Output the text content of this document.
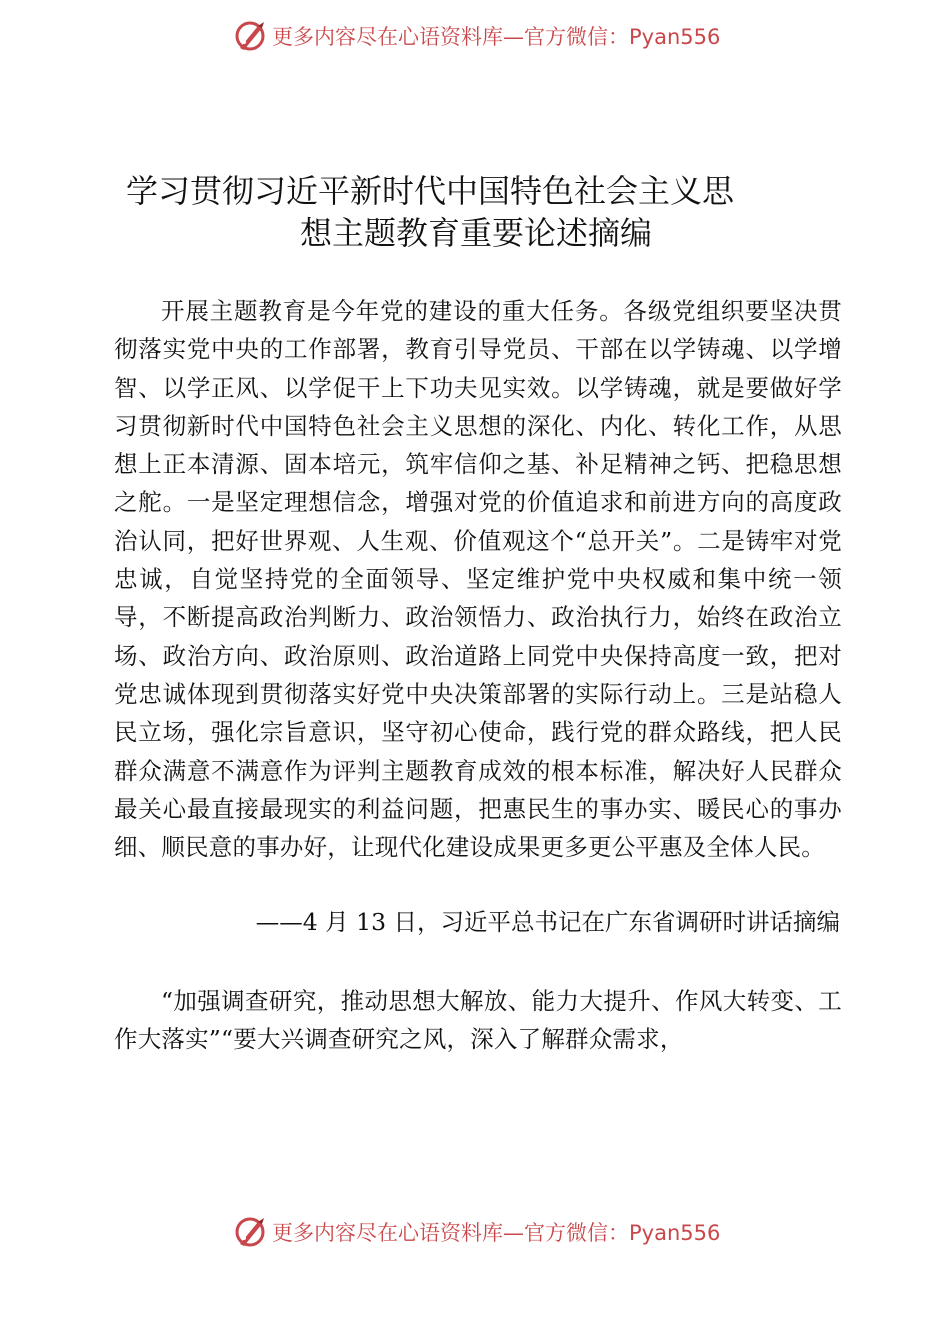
更多内容尽在心语资料库 —官方微信：Pyan556
学习贯彻习近平新时代中国特色社会主义思
想主题教育重要论述摘编

开展主题教育是今年党的建设的重大任务。各级党组织要坚决贯彻落实党中央的工作部署，教育引导党员、干部在以学铸魂、以学增智、以学正风、以学促干上下功夫见实效。以学铸魂，就是要做好学习贯彻新时代中国特色社会主义思想的深化、内化、转化工作，从思想上正本清源、固本培元，筑牢信仰之基、补足精神之钙、把稳思想之舵。一是坚定理想信念，增强对党的价值追求和前进方向的高度政治认同，把好世界观、人生观、价值观这个“总开关”。二是铸牢对党忠诚，自觉坚持党的全面领导、坚定维护党中央权威和集中统一领导，不断提高政治判断力、政治领悟力、政治执行力，始终在政治立场、政治方向、政治原则、政治道路上同党中央保持高度一致，把对党忠诚体现到贯彻落实好党中央决策部署的实际行动上。三是站稳人民立场，强化宗旨意识，坚守初心使命，践行党的群众路线，把人民群众满意不满意作为评判主题教育成效的根本标准，解决好人民群众最关心最直接最现实的利益问题，把惠民生的事办实、暖民心的事办细、顺民意的事办好，让现代化建设成果更多更公平惠及全体人民。

——4 月 13 日，习近平总书记在广东省调研时讲话摘编

“加强调查研究，推动思想大解放、能力大提升、作风大转变、工作大落实”“要大兴调查研究之风，深入了解群众需求，

更多内容尽在心语资料库 —官方微信：Pyan556
